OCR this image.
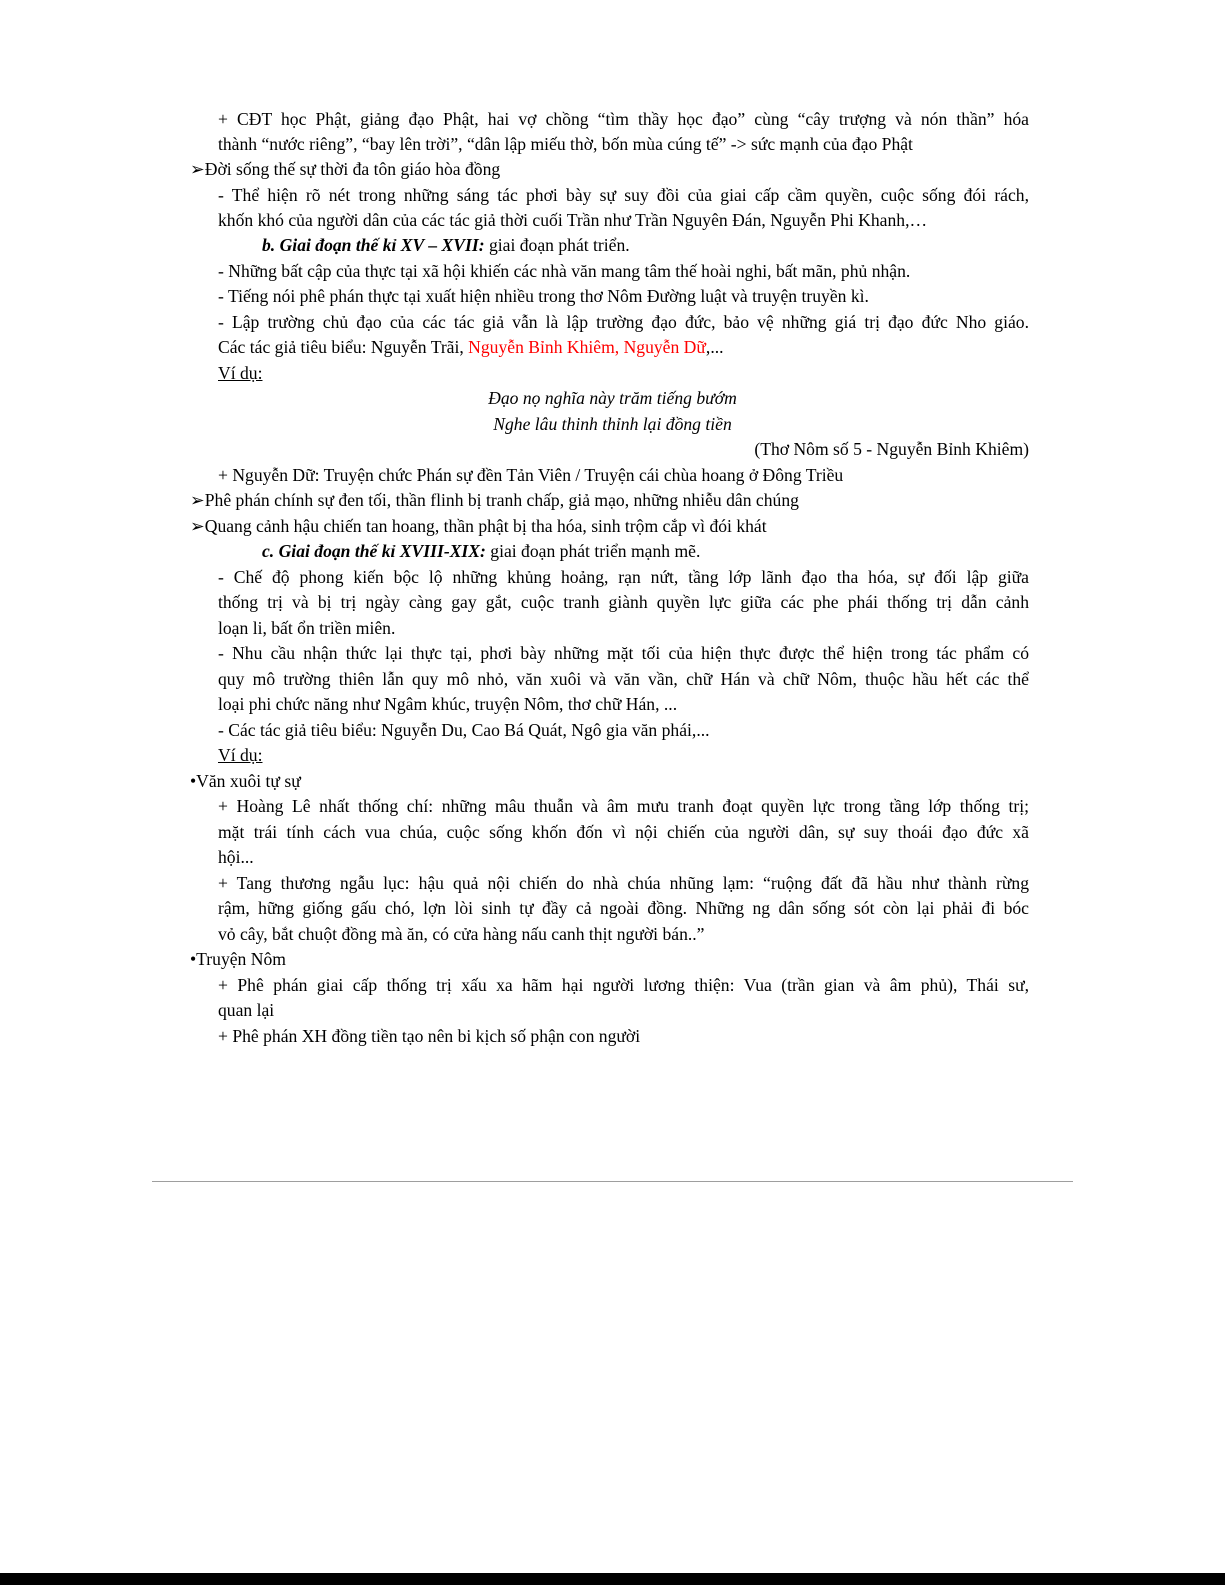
+ CĐT học Phật, giảng đạo Phật, hai vợ chồng “tìm thầy học đạo” cùng “cây trượng và nón thần” hóa
thành “nước riêng”, “bay lên trời”, “dân lập miếu thờ, bốn mùa cúng tế” -> sức mạnh của đạo Phật
➢Đời sống thế sự thời đa tôn giáo hòa đồng
- Thể hiện rõ nét trong những sáng tác phơi bày sự suy đồi của giai cấp cầm quyền, cuộc sống đói rách,
khốn khó của người dân của các tác giả thời cuối Trần như Trần Nguyên Đán, Nguyễn Phi Khanh,…
b. Giai đoạn thế kỉ XV – XVII: giai đoạn phát triển.
- Những bất cập của thực tại xã hội khiến các nhà văn mang tâm thế hoài nghi, bất mãn, phủ nhận.
- Tiếng nói phê phán thực tại xuất hiện nhiều trong thơ Nôm Đường luật và truyện truyền kì.
- Lập trường chủ đạo của các tác giả vẫn là lập trường đạo đức, bảo vệ những giá trị đạo đức Nho giáo.
Các tác giả tiêu biểu: Nguyễn Trãi, Nguyễn Bỉnh Khiêm, Nguyễn Dữ,...
Ví dụ:
Đạo nọ nghĩa này trăm tiếng bướm
Nghe lâu thinh thỉnh lại đồng tiền
(Thơ Nôm số 5 - Nguyễn Bỉnh Khiêm)
+ Nguyễn Dữ: Truyện chức Phán sự đền Tản Viên / Truyện cái chùa hoang ở Đông Triều
➢Phê phán chính sự đen tối, thần flinh bị tranh chấp, giả mạo, những nhiễu dân chúng
➢Quang cảnh hậu chiến tan hoang, thần phật bị tha hóa, sinh trộm cắp vì đói khát
c. Giai đoạn thế kỉ XVIII-XIX: giai đoạn phát triển mạnh mẽ.
- Chế độ phong kiến bộc lộ những khủng hoảng, rạn nứt, tầng lớp lãnh đạo tha hóa, sự đối lập giữa
thống trị và bị trị ngày càng gay gắt, cuộc tranh giành quyền lực giữa các phe phái thống trị dẫn cảnh
loạn li, bất ổn triền miên.
- Nhu cầu nhận thức lại thực tại, phơi bày những mặt tối của hiện thực được thể hiện trong tác phẩm có
quy mô trường thiên lẫn quy mô nhỏ, văn xuôi và văn vần, chữ Hán và chữ Nôm, thuộc hầu hết các thể
loại phi chức năng như Ngâm khúc, truyện Nôm, thơ chữ Hán, ...
- Các tác giả tiêu biểu: Nguyễn Du, Cao Bá Quát, Ngô gia văn phái,...
Ví dụ:
•Văn xuôi tự sự
+ Hoàng Lê nhất thống chí: những mâu thuẫn và âm mưu tranh đoạt quyền lực trong tầng lớp thống trị;
mặt trái tính cách vua chúa, cuộc sống khốn đốn vì nội chiến của người dân, sự suy thoái đạo đức xã
hội...
+ Tang thương ngẫu lục: hậu quả nội chiến do nhà chúa nhũng lạm: “ruộng đất đã hầu như thành rừng
rậm, hững giống gấu chó, lợn lòi sinh tự đầy cả ngoài đồng. Những ng dân sống sót còn lại phải đi bóc
vỏ cây, bắt chuột đồng mà ăn, có cửa hàng nấu canh thịt người bán..”
•Truyện Nôm
+ Phê phán giai cấp thống trị xấu xa hãm hại người lương thiện: Vua (trần gian và âm phủ), Thái sư,
quan lại
+ Phê phán XH đồng tiền tạo nên bi kịch số phận con người
